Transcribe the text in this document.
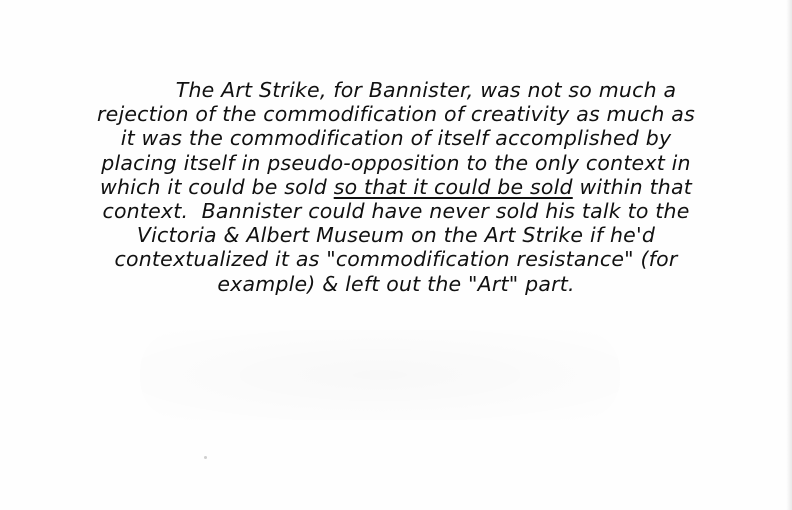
The Art Strike, for Bannister, was not so much a
rejection of the commodification of creativity as much as
it was the commodification of itself accomplished by
placing itself in pseudo-opposition to the only context in
which it could be sold so that it could be sold within that
context.  Bannister could have never sold his talk to the
Victoria & Albert Museum on the Art Strike if he'd
contextualized it as "commodification resistance" (for
example) & left out the "Art" part.
